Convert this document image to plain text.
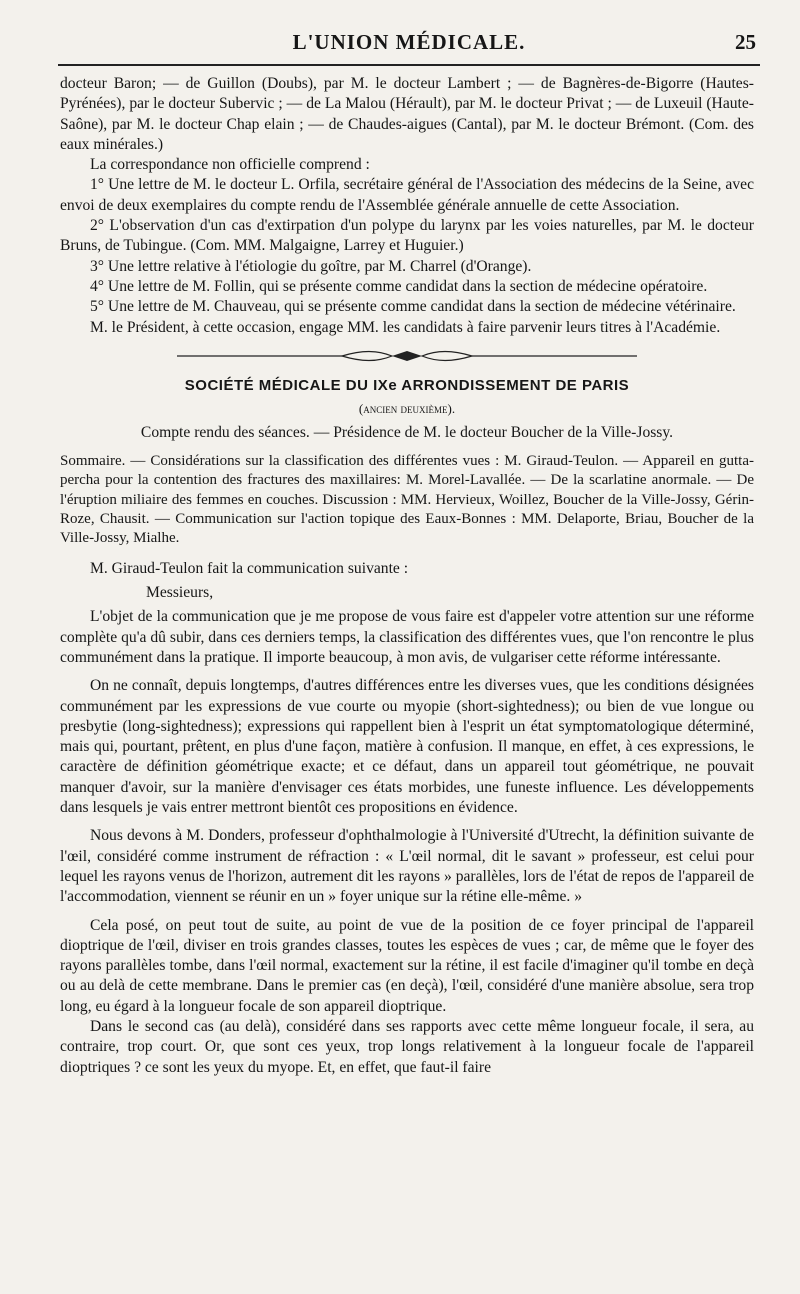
L'UNION MÉDICALE.	25

docteur Baron; — de Guillon (Doubs), par M. le docteur Lambert ; — de Bagnères-de-Bigorre (Hautes-Pyrénées), par le docteur Subervic ; — de La Malou (Hérault), par M. le docteur Privat ; — de Luxeuil (Haute-Saône), par M. le docteur Chap elain ; — de Chaudes-aigues (Cantal), par M. le docteur Brémont. (Com. des eaux minérales.)

La correspondance non officielle comprend :

1° Une lettre de M. le docteur L. Orfila, secrétaire général de l'Association des médecins de la Seine, avec envoi de deux exemplaires du compte rendu de l'Assemblée générale annuelle de cette Association.

2° L'observation d'un cas d'extirpation d'un polype du larynx par les voies naturelles, par M. le docteur Bruns, de Tubingue. (Com. MM. Malgaigne, Larrey et Huguier.)

3° Une lettre relative à l'étiologie du goître, par M. Charrel (d'Orange).

4° Une lettre de M. Follin, qui se présente comme candidat dans la section de médecine opératoire.

5° Une lettre de M. Chauveau, qui se présente comme candidat dans la section de médecine vétérinaire.

M. le Président, à cette occasion, engage MM. les candidats à faire parvenir leurs titres à l'Académie.

SOCIÉTÉ MÉDICALE DU IXe ARRONDISSEMENT DE PARIS
(ancien deuxième).

Compte rendu des séances. — Présidence de M. le docteur Boucher de la Ville-Jossy.

Sommaire. — Considérations sur la classification des différentes vues : M. Giraud-Teulon. — Appareil en gutta-percha pour la contention des fractures des maxillaires: M. Morel-Lavallée. — De la scarlatine anormale. — De l'éruption miliaire des femmes en couches. Discussion : MM. Hervieux, Woillez, Boucher de la Ville-Jossy, Gérin-Roze, Chausit. — Communication sur l'action topique des Eaux-Bonnes : MM. Delaporte, Briau, Boucher de la Ville-Jossy, Mialhe.

M. Giraud-Teulon fait la communication suivante :

Messieurs,

L'objet de la communication que je me propose de vous faire est d'appeler votre attention sur une réforme complète qu'a dû subir, dans ces derniers temps, la classification des différentes vues, que l'on rencontre le plus communément dans la pratique. Il importe beaucoup, à mon avis, de vulgariser cette réforme intéressante.

On ne connaît, depuis longtemps, d'autres différences entre les diverses vues, que les conditions désignées communément par les expressions de vue courte ou myopie (short-sightedness); ou bien de vue longue ou presbytie (long-sightedness); expressions qui rappellent bien à l'esprit un état symptomatologique déterminé, mais qui, pourtant, prêtent, en plus d'une façon, matière à confusion. Il manque, en effet, à ces expressions, le caractère de définition géométrique exacte; et ce défaut, dans un appareil tout géométrique, ne pouvait manquer d'avoir, sur la manière d'envisager ces états morbides, une funeste influence. Les développements dans lesquels je vais entrer mettront bientôt ces propositions en évidence.

Nous devons à M. Donders, professeur d'ophthalmologie à l'Université d'Utrecht, la définition suivante de l'œil, considéré comme instrument de réfraction : « L'œil normal, dit le savant » professeur, est celui pour lequel les rayons venus de l'horizon, autrement dit les rayons » parallèles, lors de l'état de repos de l'appareil de l'accommodation, viennent se réunir en un » foyer unique sur la rétine elle-même. »

Cela posé, on peut tout de suite, au point de vue de la position de ce foyer principal de l'appareil dioptrique de l'œil, diviser en trois grandes classes, toutes les espèces de vues ; car, de même que le foyer des rayons parallèles tombe, dans l'œil normal, exactement sur la rétine, il est facile d'imaginer qu'il tombe en deçà ou au delà de cette membrane. Dans le premier cas (en deçà), l'œil, considéré d'une manière absolue, sera trop long, eu égard à la longueur focale de son appareil dioptrique.

Dans le second cas (au delà), considéré dans ses rapports avec cette même longueur focale, il sera, au contraire, trop court. Or, que sont ces yeux, trop longs relativement à la longueur focale de l'appareil dioptriques ? ce sont les yeux du myope. Et, en effet, que faut-il faire
